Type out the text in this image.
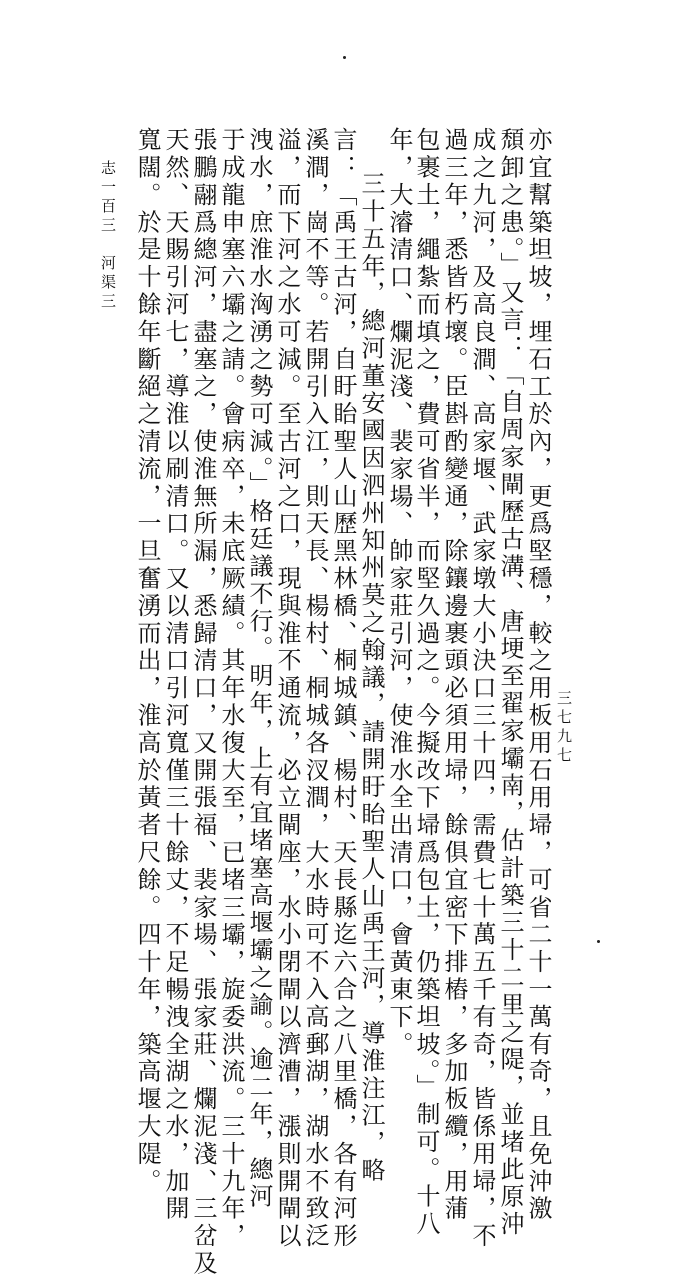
亦宜幫築坦坡，埋石工於內，更爲堅穩，較之用板用石用埽，可省二十一萬有奇，且免沖激
頹卸之患。」又言：「自周家閘歷古溝、唐埂至翟家壩南，估計築三十二里之隄，並堵此原沖
成之九河，及高良澗、高家堰、武家墩大小決口三十四，需費七十萬五千有奇，皆係用埽，不
過三年，悉皆朽壞。臣斟酌變通，除鑲邊裹頭必須用埽，餘俱宜密下排樁，多加板纜，用蒲
包裹土，繩紮而填之，費可省半，而堅久過之。今擬改下埽爲包土，仍築坦坡。」制可。十八
年，大濬清口、爛泥淺、裴家場、帥家莊引河，使淮水全出清口，會黃東下。
三十五年，總河董安國因泗州知州莫之翰議，請開盱眙聖人山禹王河，導淮注江，略
言：「禹王古河，自盱眙聖人山歷黑林橋、桐城鎮、楊村、天長縣迄六合之八里橋，各有河形
溪澗，崗不等。若開引入江，則天長、楊村、桐城各汊澗，大水時可不入高郵湖，湖水不致泛
溢，而下河之水可減。至古河之口，現與淮不通流，必立閘座，水小閉閘以濟漕，漲則開閘以
洩水，庶淮水洶湧之勢可減。」格廷議不行。明年，上有宜堵塞高堰壩之諭。逾二年，總河
于成龍申塞六壩之請。會病卒，未底厥績。其年水復大至，已堵三壩，旋委洪流。三十九年，
張鵬翮爲總河，盡塞之，使淮無所漏，悉歸清口，又開張福、裴家場、張家莊、爛泥淺、三岔及
天然、天賜引河七，導淮以刷清口。又以清口引河寬僅三十餘丈，不足暢洩全湖之水，加開
寬闊。於是十餘年斷絕之清流，一旦奮湧而出，淮高於黃者尺餘。四十年，築高堰大隄。
志一百三　河渠三
三七九七
